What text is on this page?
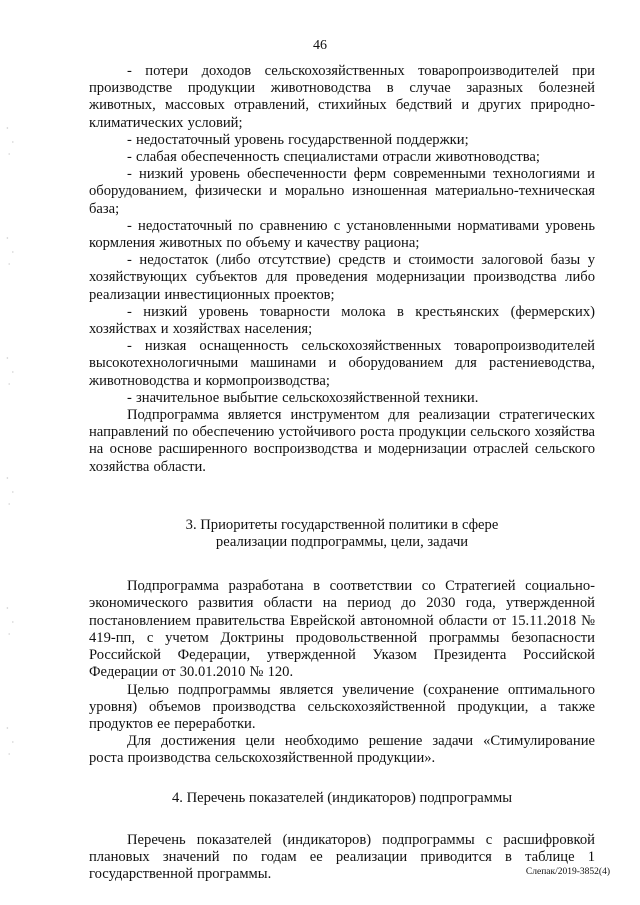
46

- потери доходов сельскохозяйственных товаропроизводителей при производстве продукции животноводства в случае заразных болезней животных, массовых отравлений, стихийных бедствий и других природно-климатических условий;

- недостаточный уровень государственной поддержки;

- слабая обеспеченность специалистами отрасли животноводства;

- низкий уровень обеспеченности ферм современными технологиями и оборудованием, физически и морально изношенная материально-техническая база;

- недостаточный по сравнению с установленными нормативами уровень кормления животных по объему и качеству рациона;

- недостаток (либо отсутствие) средств и стоимости залоговой базы у хозяйствующих субъектов для проведения модернизации производства либо реализации инвестиционных проектов;

- низкий уровень товарности молока в крестьянских (фермерских) хозяйствах и хозяйствах населения;

- низкая оснащенность сельскохозяйственных товаропроизводителей высокотехнологичными машинами и оборудованием для растениеводства, животноводства и кормопроизводства;

- значительное выбытие сельскохозяйственной техники.

Подпрограмма является инструментом для реализации стратегических направлений по обеспечению устойчивого роста продукции сельского хозяйства на основе расширенного воспроизводства и модернизации отраслей сельского хозяйства области.

3. Приоритеты государственной политики в сфере
реализации подпрограммы, цели, задачи

Подпрограмма разработана в соответствии со Стратегией социально-экономического развития области на период до 2030 года, утвержденной постановлением правительства Еврейской автономной области от 15.11.2018 № 419-пп, с учетом Доктрины продовольственной программы безопасности Российской Федерации, утвержденной Указом Президента Российской Федерации от 30.01.2010 № 120.

Целью подпрограммы является увеличение (сохранение оптимального уровня) объемов производства сельскохозяйственной продукции, а также продуктов ее переработки.

Для достижения цели необходимо решение задачи «Стимулирование роста производства сельскохозяйственной продукции».

4. Перечень показателей (индикаторов) подпрограммы

Перечень показателей (индикаторов) подпрограммы с расшифровкой плановых значений по годам ее реализации приводится в таблице 1 государственной программы.	Слепак/2019-3852(4)
